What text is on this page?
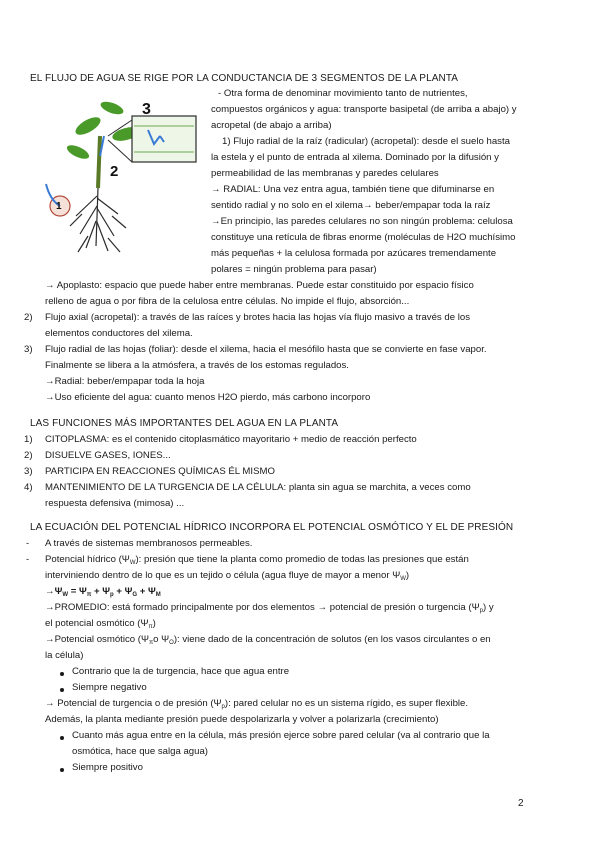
EL FLUJO DE AGUA SE RIGE POR LA CONDUCTANCIA DE 3 SEGMENTOS DE LA PLANTA
3
2
1
- Otra forma de denominar movimiento tanto de nutrientes,
compuestos orgánicos y agua: transporte basipetal (de arriba a abajo) y
acropetal (de abajo a arriba)
1) Flujo radial de la raíz (radicular) (acropetal): desde el suelo hasta
la estela y el punto de entrada al xilema. Dominado por la difusión y
permeabilidad de las membranas y paredes celulares
→ RADIAL: Una vez entra agua, también tiene que difuminarse en
sentido radial y no solo en el xilema→ beber/empapar toda la raíz
→En principio, las paredes celulares no son ningún problema: celulosa
constituye una retícula de fibras enorme (moléculas de H2O muchísimo
más pequeñas + la celulosa formada por azúcares tremendamente
polares = ningún problema para pasar)
→ Apoplasto: espacio que puede haber entre membranas. Puede estar constituido por espacio físico
relleno de agua o por fibra de la celulosa entre células. No impide el flujo, absorción...
2) Flujo axial (acropetal): a través de las raíces y brotes hacia las hojas vía flujo masivo a través de los
elementos conductores del xilema.
3) Flujo radial de las hojas (foliar): desde el xilema, hacia el mesófilo hasta que se convierte en fase vapor.
Finalmente se libera a la atmósfera, a través de los estomas regulados.
→Radial: beber/empapar toda la hoja
→Uso eficiente del agua: cuanto menos H2O pierdo, más carbono incorporo
LAS FUNCIONES MÁS IMPORTANTES DEL AGUA EN LA PLANTA
1) CITOPLASMA: es el contenido citoplasmático mayoritario + medio de reacción perfecto
2) DISUELVE GASES, IONES...
3) PARTICIPA EN REACCIONES QUÍMICAS ÉL MISMO
4) MANTENIMIENTO DE LA TURGENCIA DE LA CÉLULA: planta sin agua se marchita, a veces como
respuesta defensiva (mimosa) ...
LA ECUACIÓN DEL POTENCIAL HÍDRICO INCORPORA EL POTENCIAL OSMÓTICO Y EL DE PRESIÓN
- A través de sistemas membranosos permeables.
- Potencial hídrico $(\Psi_W)$: presión que tiene la planta como promedio de todas las presiones que están
interviniendo dentro de lo que es un tejido o célula (agua fluye de mayor a menor $\Psi_W$)
$\to\Psi_W = \Psi_\pi + \Psi_p + \Psi_G + \Psi_M$
→PROMEDIO: está formado principalmente por dos elementos → potencial de presión o turgencia $(\Psi_p)$ y
el potencial osmótico $(\Psi_\pi)$
→Potencial osmótico ($\Psi_\pi o$ $\Psi_O$): viene dado de la concentración de solutos (en los vasos circulantes o en
la célula)
Contrario que la de turgencia, hace que agua entre
Siempre negativo
→ Potencial de turgencia o de presión $(\Psi_p)$: pared celular no es un sistema rígido, es super flexible.
Además, la planta mediante presión puede despolarizarla y volver a polarizarla (crecimiento)
Cuanto más agua entre en la célula, más presión ejerce sobre pared celular (va al contrario que la
osmótica, hace que salga agua)
Siempre positivo
2
